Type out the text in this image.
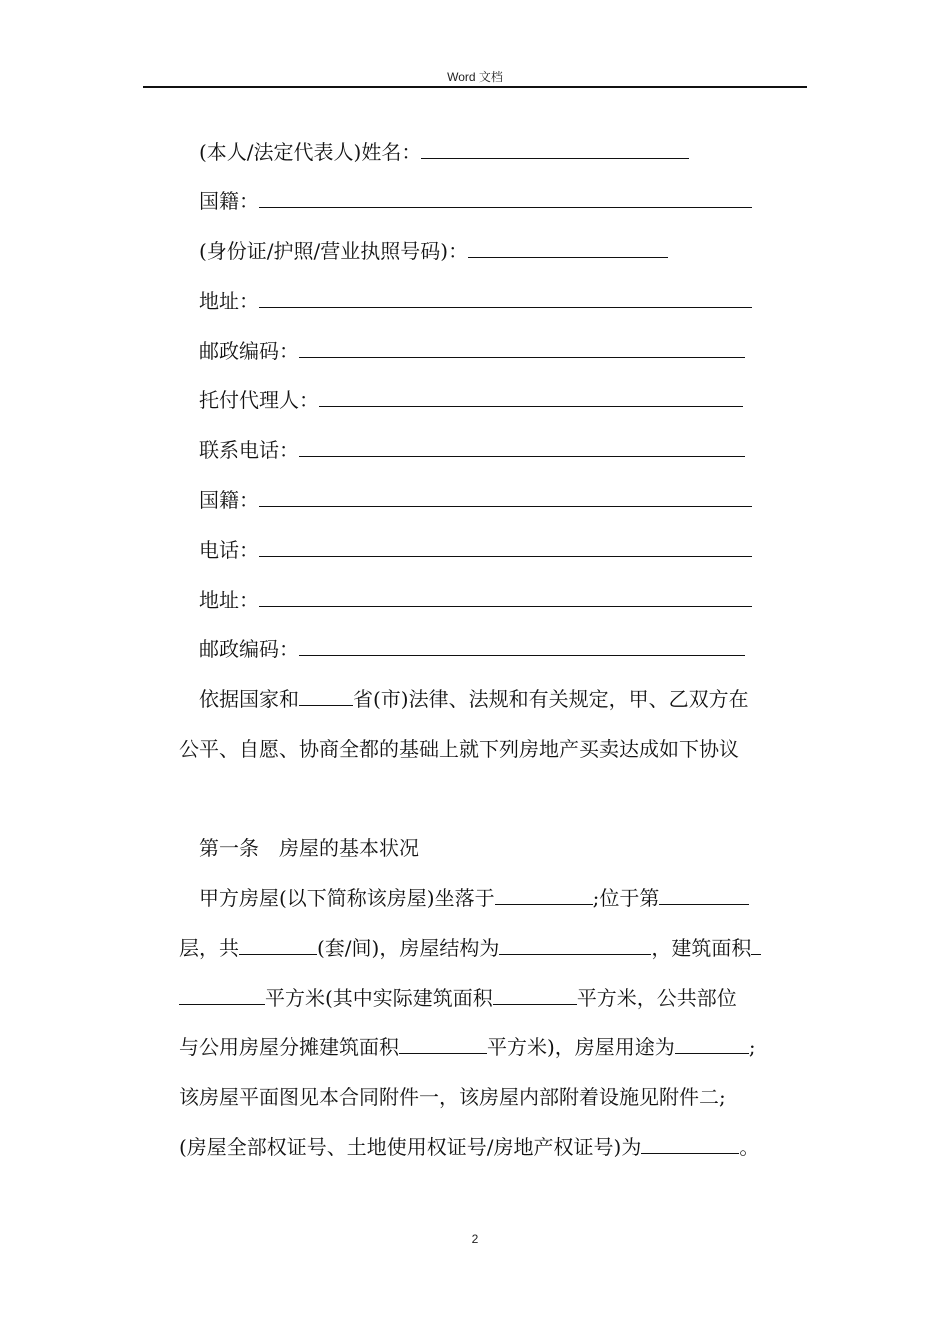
Word 文档
(本人/法定代表人)姓名：
国籍：
(身份证/护照/营业执照号码)：
地址：
邮政编码：
托付代理人：
联系电话：
国籍：
电话：
地址：
邮政编码：
依据国家和	省(市)法律、法规和有关规定，甲、乙双方在
公平、自愿、协商全都的基础上就下列房地产买卖达成如下协议
第一条　房屋的基本状况
甲方房屋(以下简称该房屋)坐落于	;位于第
层，共	(套/间)，房屋结构为	，建筑面积
平方米(其中实际建筑面积	平方米，公共部位
与公用房屋分摊建筑面积	平方米)，房屋用途为	;
该房屋平面图见本合同附件一，该房屋内部附着设施见附件二;
(房屋全部权证号、土地使用权证号/房地产权证号)为	。
2
